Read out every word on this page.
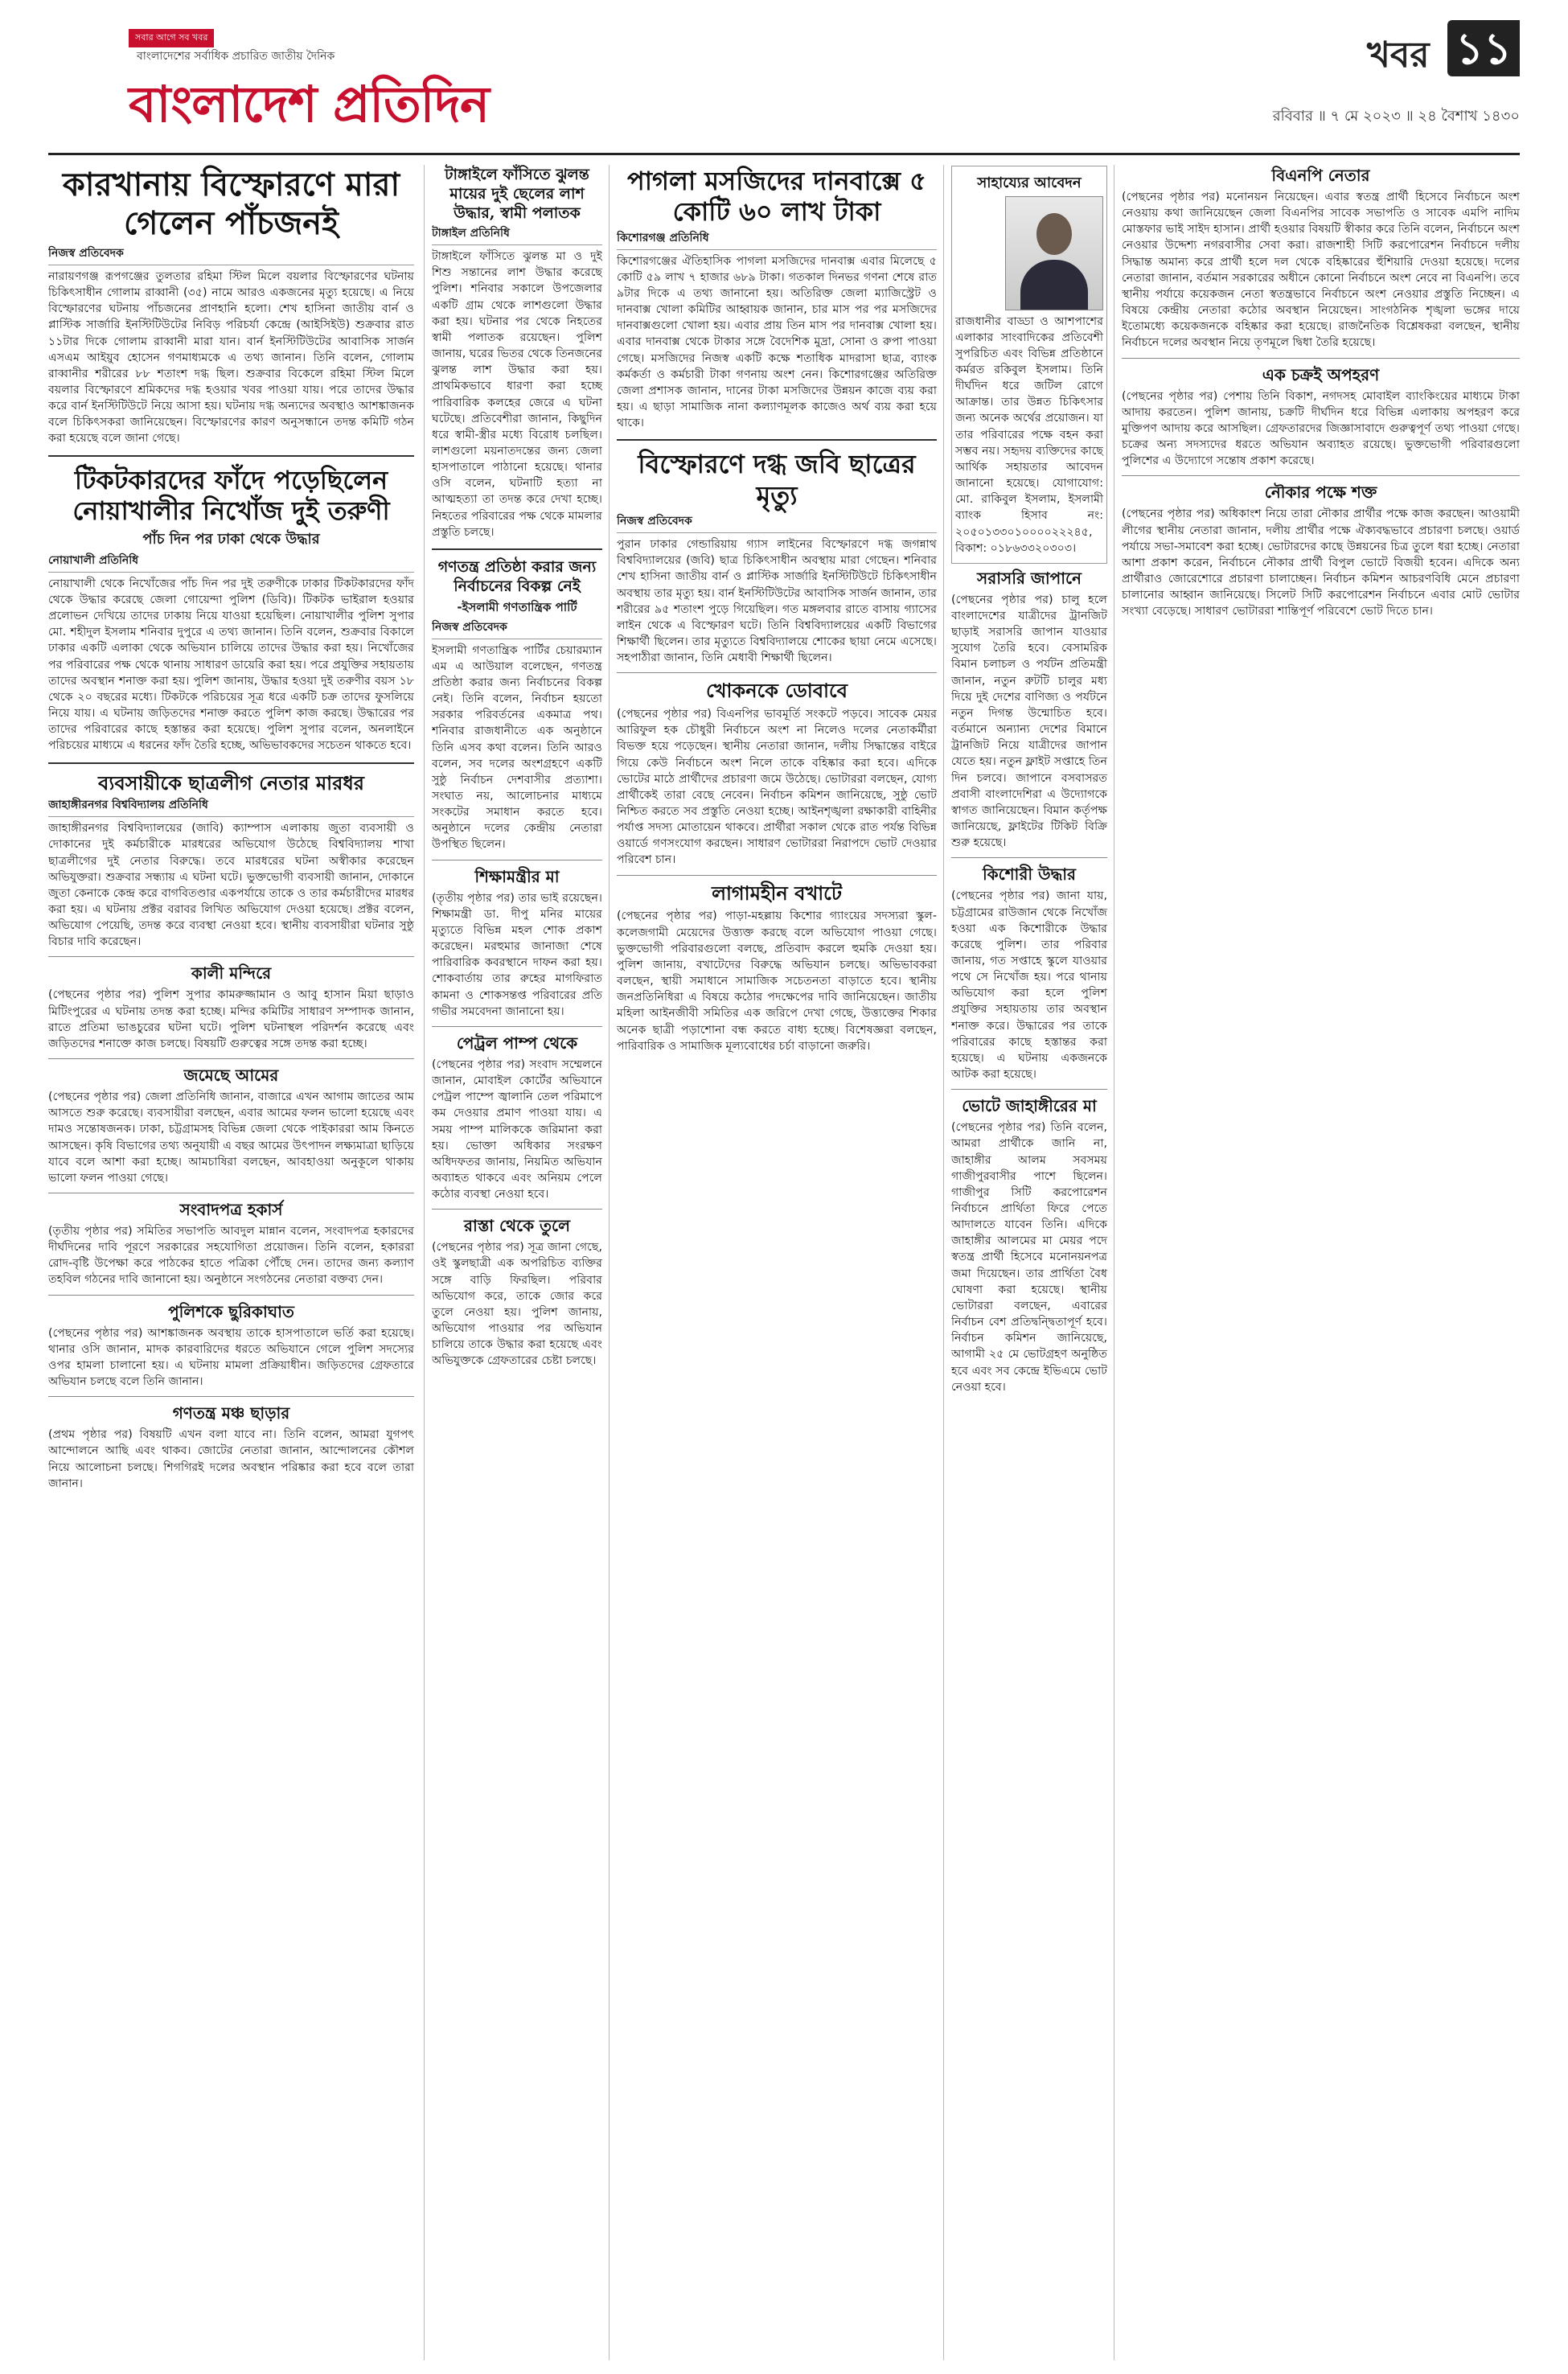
সবার আগে সব খবর
বাংলাদেশের সর্বাধিক প্রচারিত জাতীয় দৈনিক
বাংলাদেশ প্রতিদিন
খবর ১১
রবিবার ॥ ৭ মে ২০২৩ ॥ ২৪ বৈশাখ ১৪৩০
কারখানায় বিস্ফোরণে মারা গেলেন পাঁচজনই
নিজস্ব প্রতিবেদক

নারায়ণগঞ্জ রূপগঞ্জের তুলতার রহিমা স্টিল মিলে বয়লার বিস্ফোরণের ঘটনায় চিকিৎসাধীন গোলাম রাব্বানী (৩৫) নামে আরও একজনের মৃত্যু হয়েছে। এ নিয়ে বিস্ফোরণের ঘটনায় পাঁচজনের প্রাণহানি হলো। শেখ হাসিনা জাতীয় বার্ন ও প্লাস্টিক সার্জারি ইনস্টিটিউটের নিবিড় পরিচর্যা কেন্দ্রে (আইসিইউ) শুক্রবার রাত ১১টার দিকে গোলাম রাব্বানী মারা যান। বার্ন ইনস্টিটিউটের আবাসিক সার্জন এসএম আইয়ুব হোসেন গণমাধ্যমকে এ তথ্য জানান। তিনি বলেন, গোলাম রাব্বানীর শরীরের ৮৮ শতাংশ দগ্ধ ছিল। শুক্রবার বিকেলে রহিমা স্টিল মিলে বয়লার বিস্ফোরণে শ্রমিকদের দগ্ধ হওয়ার খবর পাওয়া যায়। পরে তাদের উদ্ধার করে বার্ন ইনস্টিটিউটে নিয়ে আসা হয়। ঘটনায় দগ্ধ অন্যদের অবস্থাও আশঙ্কাজনক বলে চিকিৎসকরা জানিয়েছেন। বিস্ফোরণের কারণ অনুসন্ধানে তদন্ত কমিটি গঠন করা হয়েছে বলে জানা গেছে।

টিকটকারদের ফাঁদে পড়েছিলেন নোয়াখালীর নিখোঁজ দুই তরুণী
পাঁচ দিন পর ঢাকা থেকে উদ্ধার
নোয়াখালী প্রতিনিধি

নোয়াখালী থেকে নিখোঁজের পাঁচ দিন পর দুই তরুণীকে ঢাকার টিকটকারদের ফাঁদ থেকে উদ্ধার করেছে জেলা গোয়েন্দা পুলিশ (ডিবি)। টিকটক ভাইরাল হওয়ার প্রলোভন দেখিয়ে তাদের ঢাকায় নিয়ে যাওয়া হয়েছিল। নোয়াখালীর পুলিশ সুপার মো. শহীদুল ইসলাম শনিবার দুপুরে এ তথ্য জানান। তিনি বলেন, শুক্রবার বিকালে ঢাকার একটি এলাকা থেকে অভিযান চালিয়ে তাদের উদ্ধার করা হয়। নিখোঁজের পর পরিবারের পক্ষ থেকে থানায় সাধারণ ডায়েরি করা হয়। পরে প্রযুক্তির সহায়তায় তাদের অবস্থান শনাক্ত করা হয়। পুলিশ জানায়, উদ্ধার হওয়া দুই তরুণীর বয়স ১৮ থেকে ২০ বছরের মধ্যে। টিকটকে পরিচয়ের সূত্র ধরে একটি চক্র তাদের ফুসলিয়ে নিয়ে যায়। এ ঘটনায় জড়িতদের শনাক্ত করতে পুলিশ কাজ করছে। উদ্ধারের পর তাদের পরিবারের কাছে হস্তান্তর করা হয়েছে। পুলিশ সুপার বলেন, অনলাইনে পরিচয়ের মাধ্যমে এ ধরনের ফাঁদ তৈরি হচ্ছে, অভিভাবকদের সচেতন থাকতে হবে।

ব্যবসায়ীকে ছাত্রলীগ নেতার মারধর
জাহাঙ্গীরনগর বিশ্ববিদ্যালয় প্রতিনিধি

জাহাঙ্গীরনগর বিশ্ববিদ্যালয়ের (জাবি) ক্যাম্পাস এলাকায় জুতা ব্যবসায়ী ও দোকানের দুই কর্মচারীকে মারধরের অভিযোগ উঠেছে বিশ্ববিদ্যালয় শাখা ছাত্রলীগের দুই নেতার বিরুদ্ধে। তবে মারধরের ঘটনা অস্বীকার করেছেন অভিযুক্তরা। শুক্রবার সন্ধ্যায় এ ঘটনা ঘটে। ভুক্তভোগী ব্যবসায়ী জানান, দোকানে জুতা কেনাকে কেন্দ্র করে বাগবিতণ্ডার একপর্যায়ে তাকে ও তার কর্মচারীদের মারধর করা হয়। এ ঘটনায় প্রক্টর বরাবর লিখিত অভিযোগ দেওয়া হয়েছে। প্রক্টর বলেন, অভিযোগ পেয়েছি, তদন্ত করে ব্যবস্থা নেওয়া হবে। স্থানীয় ব্যবসায়ীরা ঘটনার সুষ্ঠু বিচার দাবি করেছেন।

কালী মন্দিরে

(পেছনের পৃষ্ঠার পর) পুলিশ সুপার কামরুজ্জামান ও আবু হাসান মিয়া ছাড়াও মিটিংপুরের এ ঘটনায় তদন্ত করা হচ্ছে। মন্দির কমিটির সাধারণ সম্পাদক জানান, রাতে প্রতিমা ভাঙচুরের ঘটনা ঘটে। পুলিশ ঘটনাস্থল পরিদর্শন করেছে এবং জড়িতদের শনাক্তে কাজ চলছে। বিষয়টি গুরুত্বের সঙ্গে তদন্ত করা হচ্ছে।

জমেছে আমের

(পেছনের পৃষ্ঠার পর) জেলা প্রতিনিধি জানান, বাজারে এখন আগাম জাতের আম আসতে শুরু করেছে। ব্যবসায়ীরা বলছেন, এবার আমের ফলন ভালো হয়েছে এবং দামও সন্তোষজনক। ঢাকা, চট্টগ্রামসহ বিভিন্ন জেলা থেকে পাইকাররা আম কিনতে আসছেন। কৃষি বিভাগের তথ্য অনুযায়ী এ বছর আমের উৎপাদন লক্ষ্যমাত্রা ছাড়িয়ে যাবে বলে আশা করা হচ্ছে। আমচাষিরা বলছেন, আবহাওয়া অনুকূলে থাকায় ভালো ফলন পাওয়া গেছে।

সংবাদপত্র হকার্স

(তৃতীয় পৃষ্ঠার পর) সমিতির সভাপতি আবদুল মান্নান বলেন, সংবাদপত্র হকারদের দীর্ঘদিনের দাবি পূরণে সরকারের সহযোগিতা প্রয়োজন। তিনি বলেন, হকাররা রোদ-বৃষ্টি উপেক্ষা করে পাঠকের হাতে পত্রিকা পৌঁছে দেন। তাদের জন্য কল্যাণ তহবিল গঠনের দাবি জানানো হয়। অনুষ্ঠানে সংগঠনের নেতারা বক্তব্য দেন।

পুলিশকে ছুরিকাঘাত

(পেছনের পৃষ্ঠার পর) আশঙ্কাজনক অবস্থায় তাকে হাসপাতালে ভর্তি করা হয়েছে। থানার ওসি জানান, মাদক কারবারিদের ধরতে অভিযানে গেলে পুলিশ সদস্যের ওপর হামলা চালানো হয়। এ ঘটনায় মামলা প্রক্রিয়াধীন। জড়িতদের গ্রেফতারে অভিযান চলছে বলে তিনি জানান।

গণতন্ত্র মঞ্চ ছাড়ার

(প্রথম পৃষ্ঠার পর) বিষয়টি এখন বলা যাবে না। তিনি বলেন, আমরা যুগপৎ আন্দোলনে আছি এবং থাকব। জোটের নেতারা জানান, আন্দোলনের কৌশল নিয়ে আলোচনা চলছে। শিগগিরই দলের অবস্থান পরিষ্কার করা হবে বলে তারা জানান।

টাঙ্গাইলে ফাঁসিতে ঝুলন্ত মায়ের দুই ছেলের লাশ উদ্ধার, স্বামী পলাতক
টাঙ্গাইল প্রতিনিধি

টাঙ্গাইলে ফাঁসিতে ঝুলন্ত মা ও দুই শিশু সন্তানের লাশ উদ্ধার করেছে পুলিশ। শনিবার সকালে উপজেলার একটি গ্রাম থেকে লাশগুলো উদ্ধার করা হয়। ঘটনার পর থেকে নিহতের স্বামী পলাতক রয়েছেন। পুলিশ জানায়, ঘরের ভিতর থেকে তিনজনের ঝুলন্ত লাশ উদ্ধার করা হয়। প্রাথমিকভাবে ধারণা করা হচ্ছে পারিবারিক কলহের জেরে এ ঘটনা ঘটেছে। প্রতিবেশীরা জানান, কিছুদিন ধরে স্বামী-স্ত্রীর মধ্যে বিরোধ চলছিল। লাশগুলো ময়নাতদন্তের জন্য জেলা হাসপাতালে পাঠানো হয়েছে। থানার ওসি বলেন, ঘটনাটি হত্যা না আত্মহত্যা তা তদন্ত করে দেখা হচ্ছে। নিহতের পরিবারের পক্ষ থেকে মামলার প্রস্তুতি চলছে।

গণতন্ত্র প্রতিষ্ঠা করার জন্য নির্বাচনের বিকল্প নেই
-ইসলামী গণতান্ত্রিক পার্টি
নিজস্ব প্রতিবেদক

ইসলামী গণতান্ত্রিক পার্টির চেয়ারম্যান এম এ আউয়াল বলেছেন, গণতন্ত্র প্রতিষ্ঠা করার জন্য নির্বাচনের বিকল্প নেই। তিনি বলেন, নির্বাচন হয়তো সরকার পরিবর্তনের একমাত্র পথ। শনিবার রাজধানীতে এক অনুষ্ঠানে তিনি এসব কথা বলেন। তিনি আরও বলেন, সব দলের অংশগ্রহণে একটি সুষ্ঠু নির্বাচন দেশবাসীর প্রত্যাশা। সংঘাত নয়, আলোচনার মাধ্যমে সংকটের সমাধান করতে হবে। অনুষ্ঠানে দলের কেন্দ্রীয় নেতারা উপস্থিত ছিলেন।

শিক্ষামন্ত্রীর মা

(তৃতীয় পৃষ্ঠার পর) তার ভাই রয়েছেন। শিক্ষামন্ত্রী ডা. দীপু মনির মায়ের মৃত্যুতে বিভিন্ন মহল শোক প্রকাশ করেছেন। মরহুমার জানাজা শেষে পারিবারিক কবরস্থানে দাফন করা হয়। শোকবার্তায় তার রুহের মাগফিরাত কামনা ও শোকসন্তপ্ত পরিবারের প্রতি গভীর সমবেদনা জানানো হয়।

পেট্রল পাম্প থেকে

(পেছনের পৃষ্ঠার পর) সংবাদ সম্মেলনে জানান, মোবাইল কোর্টের অভিযানে পেট্রল পাম্পে জ্বালানি তেল পরিমাপে কম দেওয়ার প্রমাণ পাওয়া যায়। এ সময় পাম্প মালিককে জরিমানা করা হয়। ভোক্তা অধিকার সংরক্ষণ অধিদফতর জানায়, নিয়মিত অভিযান অব্যাহত থাকবে এবং অনিয়ম পেলে কঠোর ব্যবস্থা নেওয়া হবে।

রাস্তা থেকে তুলে

(পেছনের পৃষ্ঠার পর) সূত্র জানা গেছে, ওই স্কুলছাত্রী এক অপরিচিত ব্যক্তির সঙ্গে বাড়ি ফিরছিল। পরিবার অভিযোগ করে, তাকে জোর করে তুলে নেওয়া হয়। পুলিশ জানায়, অভিযোগ পাওয়ার পর অভিযান চালিয়ে তাকে উদ্ধার করা হয়েছে এবং অভিযুক্তকে গ্রেফতারের চেষ্টা চলছে।

পাগলা মসজিদের দানবাক্সে ৫ কোটি ৬০ লাখ টাকা
কিশোরগঞ্জ প্রতিনিধি

কিশোরগঞ্জের ঐতিহাসিক পাগলা মসজিদের দানবাক্স এবার মিলেছে ৫ কোটি ৫৯ লাখ ৭ হাজার ৬৮৯ টাকা। গতকাল দিনভর গণনা শেষে রাত ৯টার দিকে এ তথ্য জানানো হয়। অতিরিক্ত জেলা ম্যাজিস্ট্রেট ও দানবাক্স খোলা কমিটির আহ্বায়ক জানান, চার মাস পর পর মসজিদের দানবাক্সগুলো খোলা হয়। এবার প্রায় তিন মাস পর দানবাক্স খোলা হয়। এবার দানবাক্স থেকে টাকার সঙ্গে বৈদেশিক মুদ্রা, সোনা ও রুপা পাওয়া গেছে। মসজিদের নিজস্ব একটি কক্ষে শতাধিক মাদরাসা ছাত্র, ব্যাংক কর্মকর্তা ও কর্মচারী টাকা গণনায় অংশ নেন। কিশোরগঞ্জের অতিরিক্ত জেলা প্রশাসক জানান, দানের টাকা মসজিদের উন্নয়ন কাজে ব্যয় করা হয়। এ ছাড়া সামাজিক নানা কল্যাণমূলক কাজেও অর্থ ব্যয় করা হয়ে থাকে।

বিস্ফোরণে দগ্ধ জবি ছাত্রের মৃত্যু
নিজস্ব প্রতিবেদক

পুরান ঢাকার গেন্ডারিয়ায় গ্যাস লাইনের বিস্ফোরণে দগ্ধ জগন্নাথ বিশ্ববিদ্যালয়ের (জবি) ছাত্র চিকিৎসাধীন অবস্থায় মারা গেছেন। শনিবার শেখ হাসিনা জাতীয় বার্ন ও প্লাস্টিক সার্জারি ইনস্টিটিউটে চিকিৎসাধীন অবস্থায় তার মৃত্যু হয়। বার্ন ইনস্টিটিউটের আবাসিক সার্জন জানান, তার শরীরের ৯৫ শতাংশ পুড়ে গিয়েছিল। গত মঙ্গলবার রাতে বাসায় গ্যাসের লাইন থেকে এ বিস্ফোরণ ঘটে। তিনি বিশ্ববিদ্যালয়ের একটি বিভাগের শিক্ষার্থী ছিলেন। তার মৃত্যুতে বিশ্ববিদ্যালয়ে শোকের ছায়া নেমে এসেছে। সহপাঠীরা জানান, তিনি মেধাবী শিক্ষার্থী ছিলেন।

খোকনকে ডোবাবে

(পেছনের পৃষ্ঠার পর) বিএনপির ভাবমূর্তি সংকটে পড়বে। সাবেক মেয়র আরিফুল হক চৌধুরী নির্বাচনে অংশ না নিলেও দলের নেতাকর্মীরা বিভক্ত হয়ে পড়েছেন। স্থানীয় নেতারা জানান, দলীয় সিদ্ধান্তের বাইরে গিয়ে কেউ নির্বাচনে অংশ নিলে তাকে বহিষ্কার করা হবে। এদিকে ভোটের মাঠে প্রার্থীদের প্রচারণা জমে উঠেছে। ভোটাররা বলছেন, যোগ্য প্রার্থীকেই তারা বেছে নেবেন। নির্বাচন কমিশন জানিয়েছে, সুষ্ঠু ভোট নিশ্চিত করতে সব প্রস্তুতি নেওয়া হচ্ছে। আইনশৃঙ্খলা রক্ষাকারী বাহিনীর পর্যাপ্ত সদস্য মোতায়েন থাকবে। প্রার্থীরা সকাল থেকে রাত পর্যন্ত বিভিন্ন ওয়ার্ডে গণসংযোগ করছেন। সাধারণ ভোটাররা নিরাপদে ভোট দেওয়ার পরিবেশ চান।

লাগামহীন বখাটে

(পেছনের পৃষ্ঠার পর) পাড়া-মহল্লায় কিশোর গ্যাংয়ের সদস্যরা স্কুল-কলেজগামী মেয়েদের উত্ত্যক্ত করছে বলে অভিযোগ পাওয়া গেছে। ভুক্তভোগী পরিবারগুলো বলছে, প্রতিবাদ করলে হুমকি দেওয়া হয়। পুলিশ জানায়, বখাটেদের বিরুদ্ধে অভিযান চলছে। অভিভাবকরা বলছেন, স্থায়ী সমাধানে সামাজিক সচেতনতা বাড়াতে হবে। স্থানীয় জনপ্রতিনিধিরা এ বিষয়ে কঠোর পদক্ষেপের দাবি জানিয়েছেন। জাতীয় মহিলা আইনজীবী সমিতির এক জরিপে দেখা গেছে, উত্ত্যক্তের শিকার অনেক ছাত্রী পড়াশোনা বন্ধ করতে বাধ্য হচ্ছে। বিশেষজ্ঞরা বলছেন, পারিবারিক ও সামাজিক মূল্যবোধের চর্চা বাড়ানো জরুরি।

সাহায্যের আবেদন

রাজধানীর বাড্ডা ও আশপাশের এলাকার সাংবাদিকের প্রতিবেশী সুপরিচিত এবং বিভিন্ন প্রতিষ্ঠানে কর্মরত রকিবুল ইসলাম। তিনি দীর্ঘদিন ধরে জটিল রোগে আক্রান্ত। তার উন্নত চিকিৎসার জন্য অনেক অর্থের প্রয়োজন। যা তার পরিবারের পক্ষে বহন করা সম্ভব নয়। সহৃদয় ব্যক্তিদের কাছে আর্থিক সহায়তার আবেদন জানানো হয়েছে। যোগাযোগ: মো. রাকিবুল ইসলাম, ইসলামী ব্যাংক হিসাব নং: ২০৫০১৩৩০১০০০০২২২৪৫, বিকাশ: ০১৮৬৩৩২০৩০৩।

সরাসরি জাপানে

(পেছনের পৃষ্ঠার পর) চালু হলে বাংলাদেশের যাত্রীদের ট্রানজিট ছাড়াই সরাসরি জাপান যাওয়ার সুযোগ তৈরি হবে। বেসামরিক বিমান চলাচল ও পর্যটন প্রতিমন্ত্রী জানান, নতুন রুটটি চালুর মধ্য দিয়ে দুই দেশের বাণিজ্য ও পর্যটনে নতুন দিগন্ত উন্মোচিত হবে। বর্তমানে অন্যান্য দেশের বিমানে ট্রানজিট নিয়ে যাত্রীদের জাপান যেতে হয়। নতুন ফ্লাইট সপ্তাহে তিন দিন চলবে। জাপানে বসবাসরত প্রবাসী বাংলাদেশিরা এ উদ্যোগকে স্বাগত জানিয়েছেন। বিমান কর্তৃপক্ষ জানিয়েছে, ফ্লাইটের টিকিট বিক্রি শুরু হয়েছে।

কিশোরী উদ্ধার

(পেছনের পৃষ্ঠার পর) জানা যায়, চট্টগ্রামের রাউজান থেকে নিখোঁজ হওয়া এক কিশোরীকে উদ্ধার করেছে পুলিশ। তার পরিবার জানায়, গত সপ্তাহে স্কুলে যাওয়ার পথে সে নিখোঁজ হয়। পরে থানায় অভিযোগ করা হলে পুলিশ প্রযুক্তির সহায়তায় তার অবস্থান শনাক্ত করে। উদ্ধারের পর তাকে পরিবারের কাছে হস্তান্তর করা হয়েছে। এ ঘটনায় একজনকে আটক করা হয়েছে।

ভোটে জাহাঙ্গীরের মা

(পেছনের পৃষ্ঠার পর) তিনি বলেন, আমরা প্রার্থীকে জানি না, জাহাঙ্গীর আলম সবসময় গাজীপুরবাসীর পাশে ছিলেন। গাজীপুর সিটি করপোরেশন নির্বাচনে প্রার্থিতা ফিরে পেতে আদালতে যাবেন তিনি। এদিকে জাহাঙ্গীর আলমের মা মেয়র পদে স্বতন্ত্র প্রার্থী হিসেবে মনোনয়নপত্র জমা দিয়েছেন। তার প্রার্থিতা বৈধ ঘোষণা করা হয়েছে। স্থানীয় ভোটাররা বলছেন, এবারের নির্বাচন বেশ প্রতিদ্বন্দ্বিতাপূর্ণ হবে। নির্বাচন কমিশন জানিয়েছে, আগামী ২৫ মে ভোটগ্রহণ অনুষ্ঠিত হবে এবং সব কেন্দ্রে ইভিএমে ভোট নেওয়া হবে।

বিএনপি নেতার

(পেছনের পৃষ্ঠার পর) মনোনয়ন নিয়েছেন। এবার স্বতন্ত্র প্রার্থী হিসেবে নির্বাচনে অংশ নেওয়ায় কথা জানিয়েছেন জেলা বিএনপির সাবেক সভাপতি ও সাবেক এমপি নাদিম মোস্তফার ভাই সাইদ হাসান। প্রার্থী হওয়ার বিষয়টি স্বীকার করে তিনি বলেন, নির্বাচনে অংশ নেওয়ার উদ্দেশ্য নগরবাসীর সেবা করা। রাজশাহী সিটি করপোরেশন নির্বাচনে দলীয় সিদ্ধান্ত অমান্য করে প্রার্থী হলে দল থেকে বহিষ্কারের হুঁশিয়ারি দেওয়া হয়েছে। দলের নেতারা জানান, বর্তমান সরকারের অধীনে কোনো নির্বাচনে অংশ নেবে না বিএনপি। তবে স্থানীয় পর্যায়ে কয়েকজন নেতা স্বতন্ত্রভাবে নির্বাচনে অংশ নেওয়ার প্রস্তুতি নিচ্ছেন। এ বিষয়ে কেন্দ্রীয় নেতারা কঠোর অবস্থান নিয়েছেন। সাংগঠনিক শৃঙ্খলা ভঙ্গের দায়ে ইতোমধ্যে কয়েকজনকে বহিষ্কার করা হয়েছে। রাজনৈতিক বিশ্লেষকরা বলছেন, স্থানীয় নির্বাচনে দলের অবস্থান নিয়ে তৃণমূলে দ্বিধা তৈরি হয়েছে।

এক চক্রই অপহরণ

(পেছনের পৃষ্ঠার পর) পেশায় তিনি বিকাশ, নগদসহ মোবাইল ব্যাংকিংয়ের মাধ্যমে টাকা আদায় করতেন। পুলিশ জানায়, চক্রটি দীর্ঘদিন ধরে বিভিন্ন এলাকায় অপহরণ করে মুক্তিপণ আদায় করে আসছিল। গ্রেফতারদের জিজ্ঞাসাবাদে গুরুত্বপূর্ণ তথ্য পাওয়া গেছে। চক্রের অন্য সদস্যদের ধরতে অভিযান অব্যাহত রয়েছে। ভুক্তভোগী পরিবারগুলো পুলিশের এ উদ্যোগে সন্তোষ প্রকাশ করেছে।

নৌকার পক্ষে শক্ত

(পেছনের পৃষ্ঠার পর) অধিকাংশ নিয়ে তারা নৌকার প্রার্থীর পক্ষে কাজ করছেন। আওয়ামী লীগের স্থানীয় নেতারা জানান, দলীয় প্রার্থীর পক্ষে ঐক্যবদ্ধভাবে প্রচারণা চলছে। ওয়ার্ড পর্যায়ে সভা-সমাবেশ করা হচ্ছে। ভোটারদের কাছে উন্নয়নের চিত্র তুলে ধরা হচ্ছে। নেতারা আশা প্রকাশ করেন, নির্বাচনে নৌকার প্রার্থী বিপুল ভোটে বিজয়ী হবেন। এদিকে অন্য প্রার্থীরাও জোরেশোরে প্রচারণা চালাচ্ছেন। নির্বাচন কমিশন আচরণবিধি মেনে প্রচারণা চালানোর আহ্বান জানিয়েছে। সিলেট সিটি করপোরেশন নির্বাচনে এবার মোট ভোটার সংখ্যা বেড়েছে। সাধারণ ভোটাররা শান্তিপূর্ণ পরিবেশে ভোট দিতে চান।
